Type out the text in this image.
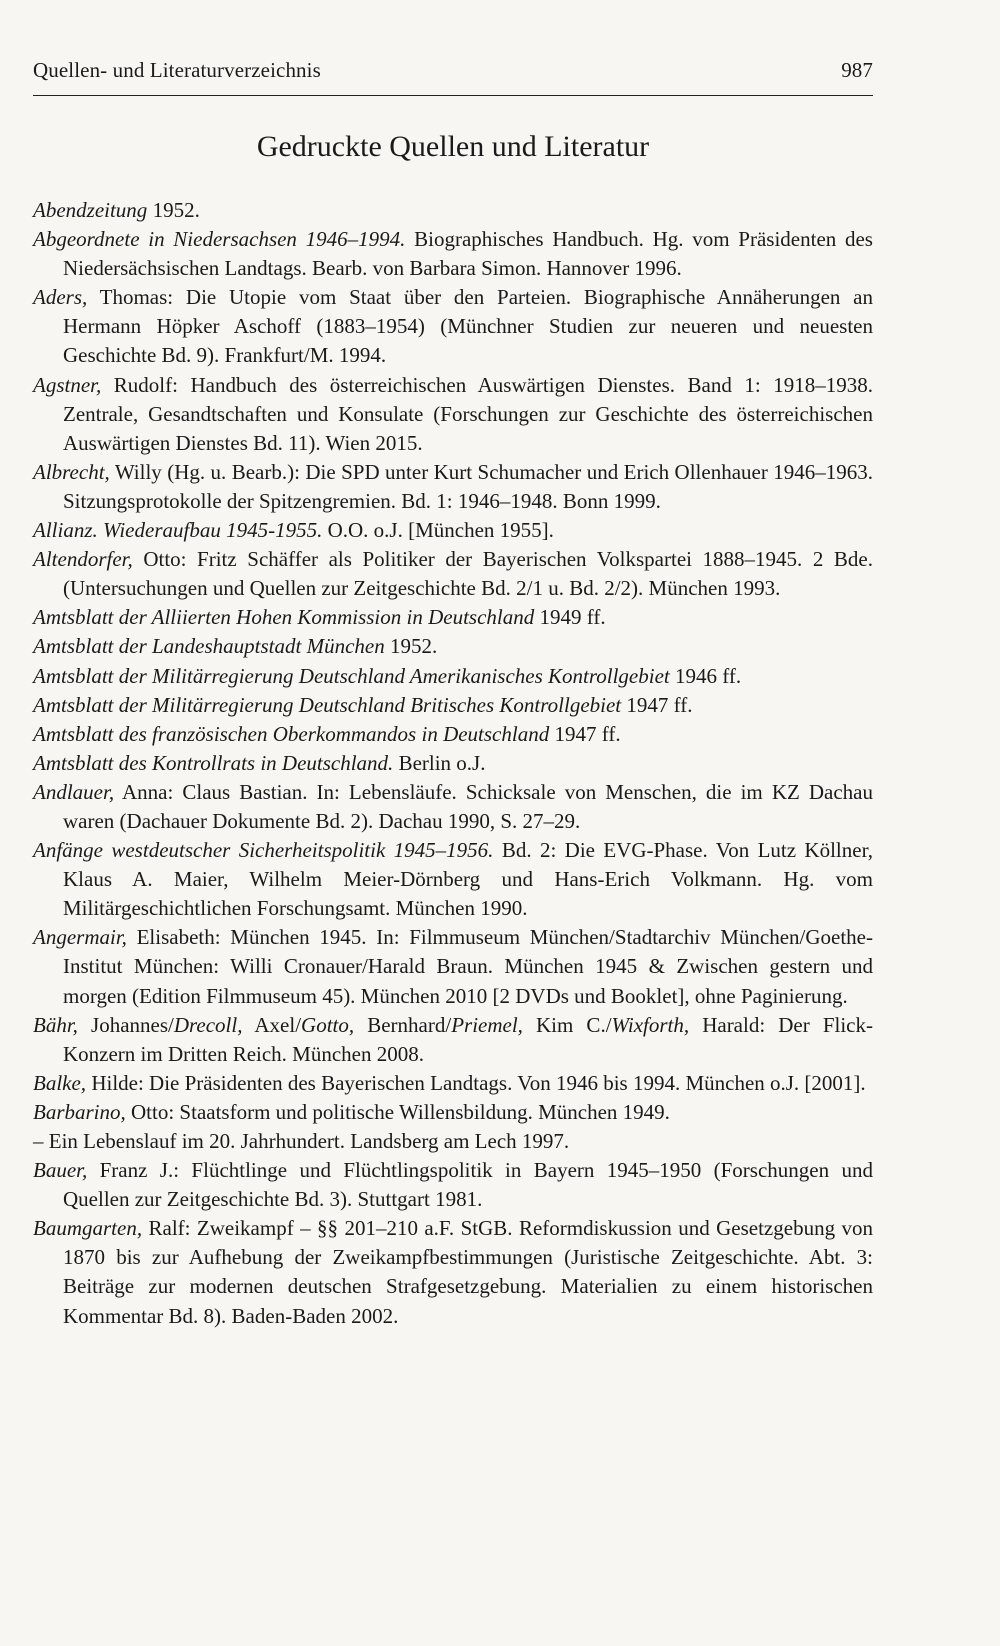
Quellen- und Literaturverzeichnis	987
Gedruckte Quellen und Literatur
Abendzeitung 1952.
Abgeordnete in Niedersachsen 1946–1994. Biographisches Handbuch. Hg. vom Präsidenten des Niedersächsischen Landtags. Bearb. von Barbara Simon. Hannover 1996.
Aders, Thomas: Die Utopie vom Staat über den Parteien. Biographische Annäherungen an Hermann Höpker Aschoff (1883–1954) (Münchner Studien zur neueren und neuesten Geschichte Bd. 9). Frankfurt/M. 1994.
Agstner, Rudolf: Handbuch des österreichischen Auswärtigen Dienstes. Band 1: 1918–1938. Zentrale, Gesandtschaften und Konsulate (Forschungen zur Geschichte des österreichischen Auswärtigen Dienstes Bd. 11). Wien 2015.
Albrecht, Willy (Hg. u. Bearb.): Die SPD unter Kurt Schumacher und Erich Ollenhauer 1946–1963. Sitzungsprotokolle der Spitzengremien. Bd. 1: 1946–1948. Bonn 1999.
Allianz. Wiederaufbau 1945-1955. O.O. o.J. [München 1955].
Altendorfer, Otto: Fritz Schäffer als Politiker der Bayerischen Volkspartei 1888–1945. 2 Bde. (Untersuchungen und Quellen zur Zeitgeschichte Bd. 2/1 u. Bd. 2/2). München 1993.
Amtsblatt der Alliierten Hohen Kommission in Deutschland 1949 ff.
Amtsblatt der Landeshauptstadt München 1952.
Amtsblatt der Militärregierung Deutschland Amerikanisches Kontrollgebiet 1946 ff.
Amtsblatt der Militärregierung Deutschland Britisches Kontrollgebiet 1947 ff.
Amtsblatt des französischen Oberkommandos in Deutschland 1947 ff.
Amtsblatt des Kontrollrats in Deutschland. Berlin o.J.
Andlauer, Anna: Claus Bastian. In: Lebensläufe. Schicksale von Menschen, die im KZ Dachau waren (Dachauer Dokumente Bd. 2). Dachau 1990, S. 27–29.
Anfänge westdeutscher Sicherheitspolitik 1945–1956. Bd. 2: Die EVG-Phase. Von Lutz Köllner, Klaus A. Maier, Wilhelm Meier-Dörnberg und Hans-Erich Volkmann. Hg. vom Militärgeschichtlichen Forschungsamt. München 1990.
Angermair, Elisabeth: München 1945. In: Filmmuseum München/Stadtarchiv München/Goethe-Institut München: Willi Cronauer/Harald Braun. München 1945 & Zwischen gestern und morgen (Edition Filmmuseum 45). München 2010 [2 DVDs und Booklet], ohne Paginierung.
Bähr, Johannes/Drecoll, Axel/Gotto, Bernhard/Priemel, Kim C./Wixforth, Harald: Der Flick-Konzern im Dritten Reich. München 2008.
Balke, Hilde: Die Präsidenten des Bayerischen Landtags. Von 1946 bis 1994. München o.J. [2001].
Barbarino, Otto: Staatsform und politische Willensbildung. München 1949.
– Ein Lebenslauf im 20. Jahrhundert. Landsberg am Lech 1997.
Bauer, Franz J.: Flüchtlinge und Flüchtlingspolitik in Bayern 1945–1950 (Forschungen und Quellen zur Zeitgeschichte Bd. 3). Stuttgart 1981.
Baumgarten, Ralf: Zweikampf – §§ 201–210 a.F. StGB. Reformdiskussion und Gesetzgebung von 1870 bis zur Aufhebung der Zweikampfbestimmungen (Juristische Zeitgeschichte. Abt. 3: Beiträge zur modernen deutschen Strafgesetzgebung. Materialien zu einem historischen Kommentar Bd. 8). Baden-Baden 2002.
